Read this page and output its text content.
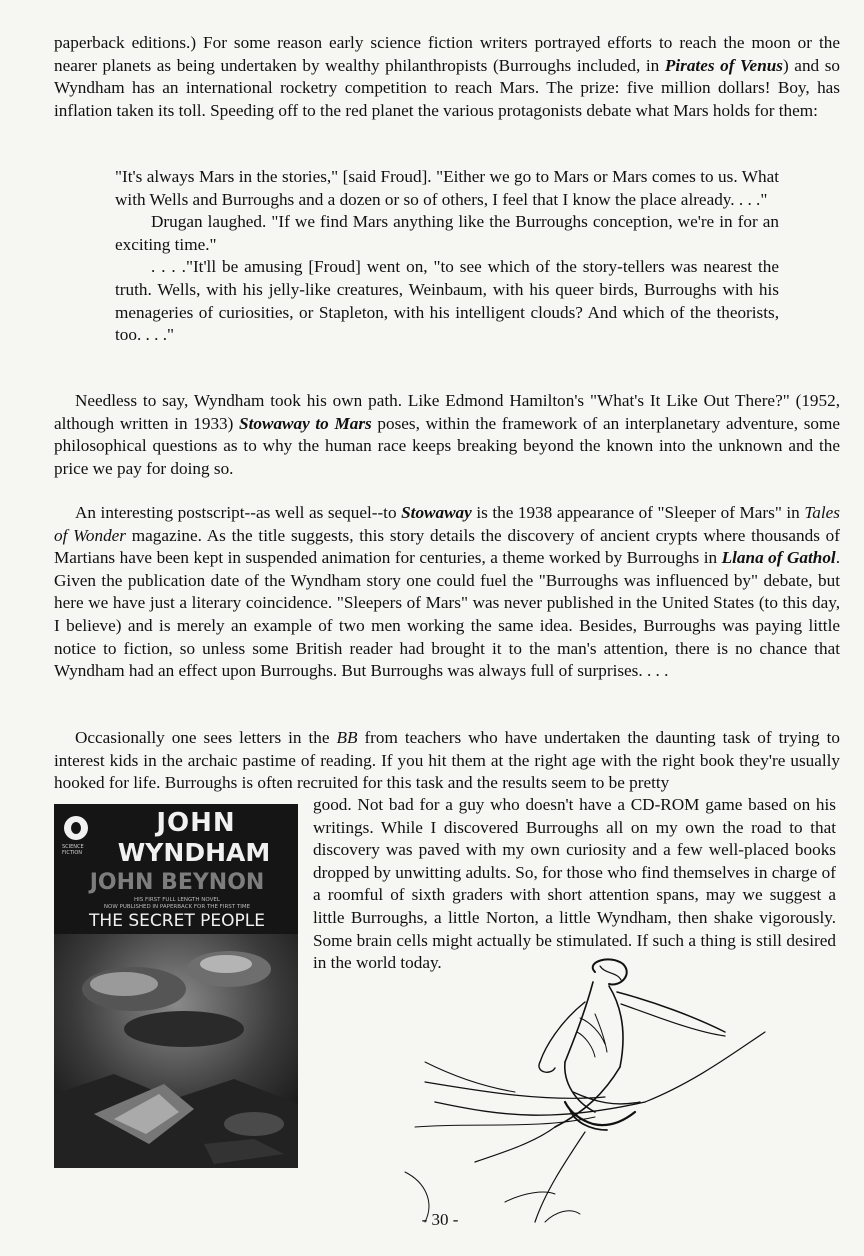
paperback editions.) For some reason early science fiction writers portrayed efforts to reach the moon or the nearer planets as being undertaken by wealthy philanthropists (Burroughs included, in Pirates of Venus) and so Wyndham has an international rocketry competition to reach Mars. The prize: five million dollars! Boy, has inflation taken its toll. Speeding off to the red planet the various protagonists debate what Mars holds for them:

"It's always Mars in the stories," [said Froud]. "Either we go to Mars or Mars comes to us. What with Wells and Burroughs and a dozen or so of others, I feel that I know the place already. . . ."

Drugan laughed. "If we find Mars anything like the Burroughs conception, we're in for an exciting time."

. . . ."It'll be amusing [Froud] went on, "to see which of the story-tellers was nearest the truth. Wells, with his jelly-like creatures, Weinbaum, with his queer birds, Burroughs with his menageries of curiosities, or Stapleton, with his intelligent clouds? And which of the theorists, too. . . ."

Needless to say, Wyndham took his own path. Like Edmond Hamilton's "What's It Like Out There?" (1952, although written in 1933) Stowaway to Mars poses, within the framework of an interplanetary adventure, some philosophical questions as to why the human race keeps breaking beyond the known into the unknown and the price we pay for doing so.

An interesting postscript--as well as sequel--to Stowaway is the 1938 appearance of "Sleeper of Mars" in Tales of Wonder magazine. As the title suggests, this story details the discovery of ancient crypts where thousands of Martians have been kept in suspended animation for centuries, a theme worked by Burroughs in Llana of Gathol. Given the publication date of the Wyndham story one could fuel the "Burroughs was influenced by" debate, but here we have just a literary coincidence. "Sleepers of Mars" was never published in the United States (to this day, I believe) and is merely an example of two men working the same idea. Besides, Burroughs was paying little notice to fiction, so unless some British reader had brought it to the man's attention, there is no chance that Wyndham had an effect upon Burroughs. But Burroughs was always full of surprises. . . .

Occasionally one sees letters in the BB from teachers who have undertaken the daunting task of trying to interest kids in the archaic pastime of reading. If you hit them at the right age with the right book they're usually hooked for life. Burroughs is often recruited for this task and the results seem to be pretty

good. Not bad for a guy who doesn't have a CD-ROM game based on his writings. While I discovered Burroughs all on my own the road to that discovery was paved with my own curiosity and a few well-placed books dropped by unwitting adults. So, for those who find themselves in charge of a roomful of sixth graders with short attention spans, may we suggest a little Burroughs, a little Norton, a little Wyndham, then shake vigorously. Some brain cells might actually be stimulated. If such a thing is still desired in the world today.

SCIENCE FICTION
JOHN
WYNDHAM
JOHN BEYNON
HIS FIRST FULL LENGTH NOVEL
NOW PUBLISHED IN PAPERBACK FOR THE FIRST TIME
THE SECRET PEOPLE
- 30 -
